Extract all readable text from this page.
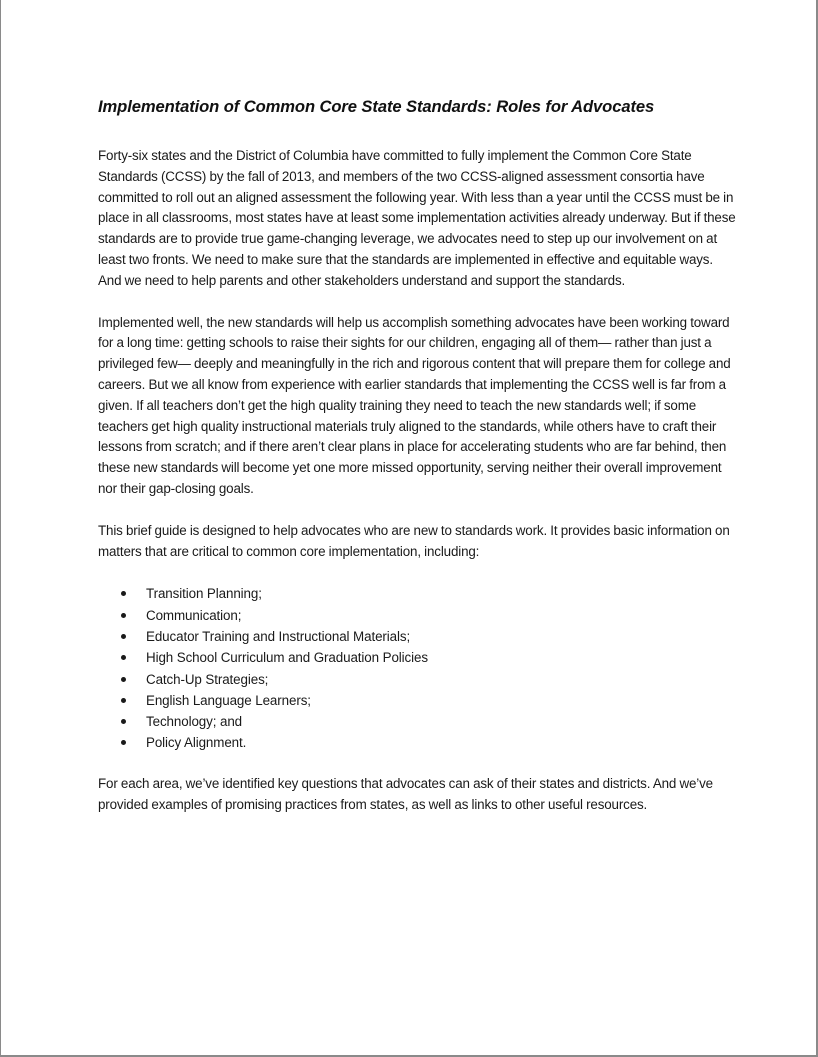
Implementation of Common Core State Standards: Roles for Advocates

Forty-six states and the District of Columbia have committed to fully implement the Common Core State Standards (CCSS) by the fall of 2013, and members of the two CCSS-aligned assessment consortia have committed to roll out an aligned assessment the following year. With less than a year until the CCSS must be in place in all classrooms, most states have at least some implementation activities already underway. But if these standards are to provide true game-changing leverage, we advocates need to step up our involvement on at least two fronts. We need to make sure that the standards are implemented in effective and equitable ways. And we need to help parents and other stakeholders understand and support the standards.

Implemented well, the new standards will help us accomplish something advocates have been working toward for a long time: getting schools to raise their sights for our children, engaging all of them— rather than just a privileged few— deeply and meaningfully in the rich and rigorous content that will prepare them for college and careers. But we all know from experience with earlier standards that implementing the CCSS well is far from a given. If all teachers don’t get the high quality training they need to teach the new standards well; if some teachers get high quality instructional materials truly aligned to the standards, while others have to craft their lessons from scratch; and if there aren’t clear plans in place for accelerating students who are far behind, then these new standards will become yet one more missed opportunity, serving neither their overall improvement nor their gap-closing goals.

This brief guide is designed to help advocates who are new to standards work. It provides basic information on matters that are critical to common core implementation, including:

Transition Planning;
Communication;
Educator Training and Instructional Materials;
High School Curriculum and Graduation Policies
Catch-Up Strategies;
English Language Learners;
Technology; and
Policy Alignment.

For each area, we’ve identified key questions that advocates can ask of their states and districts. And we’ve provided examples of promising practices from states, as well as links to other useful resources.
